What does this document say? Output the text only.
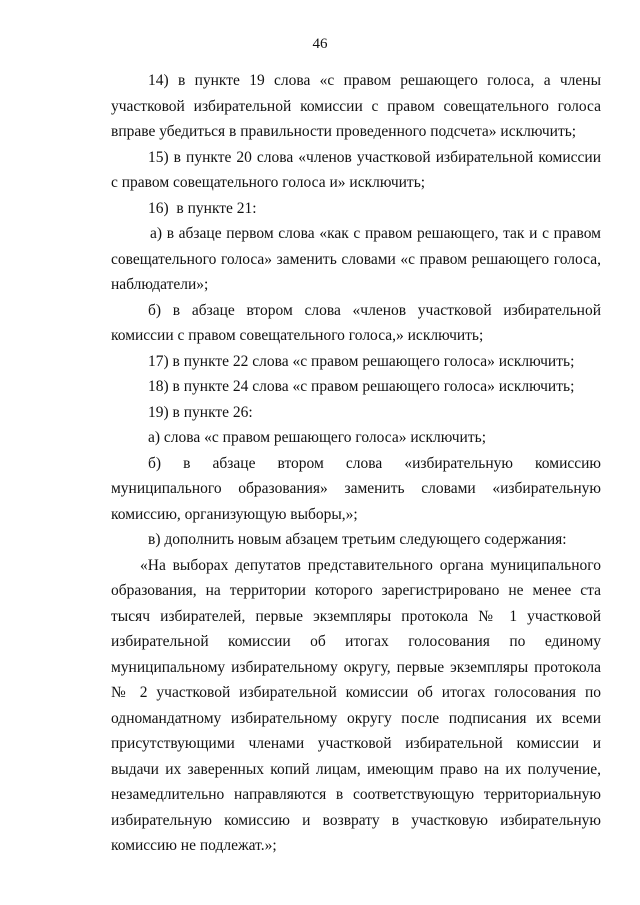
46

14) в пункте 19 слова «с правом решающего голоса, а члены участковой избирательной комиссии с правом совещательного голоса вправе убедиться в правильности проведенного подсчета» исключить;

15) в пункте 20 слова «членов участковой избирательной комиссии с правом совещательного голоса и» исключить;

16)  в пункте 21:

а) в абзаце первом слова «как с правом решающего, так и с правом совещательного голоса» заменить словами «с правом решающего голоса, наблюдатели»;

б) в абзаце втором слова «членов участковой избирательной комиссии с правом совещательного голоса,» исключить;

17) в пункте 22 слова «с правом решающего голоса» исключить;

18) в пункте 24 слова «с правом решающего голоса» исключить;

19) в пункте 26:

а) слова «с правом решающего голоса» исключить;

б) в абзаце втором слова «избирательную комиссию муниципального образования» заменить словами «избирательную комиссию, организующую выборы,»;

в) дополнить новым абзацем третьим следующего содержания:

«На выборах депутатов представительного органа муниципального образования, на территории которого зарегистрировано не менее ста тысяч избирателей, первые экземпляры протокола № 1 участковой избирательной комиссии об итогах голосования по единому муниципальному избирательному округу, первые экземпляры протокола № 2 участковой избирательной комиссии об итогах голосования по одномандатному избирательному округу после подписания их всеми присутствующими членами участковой избирательной комиссии и выдачи их заверенных копий лицам, имеющим право на их получение, незамедлительно направляются в соответствующую территориальную избирательную комиссию и возврату в участковую избирательную комиссию не подлежат.»;
